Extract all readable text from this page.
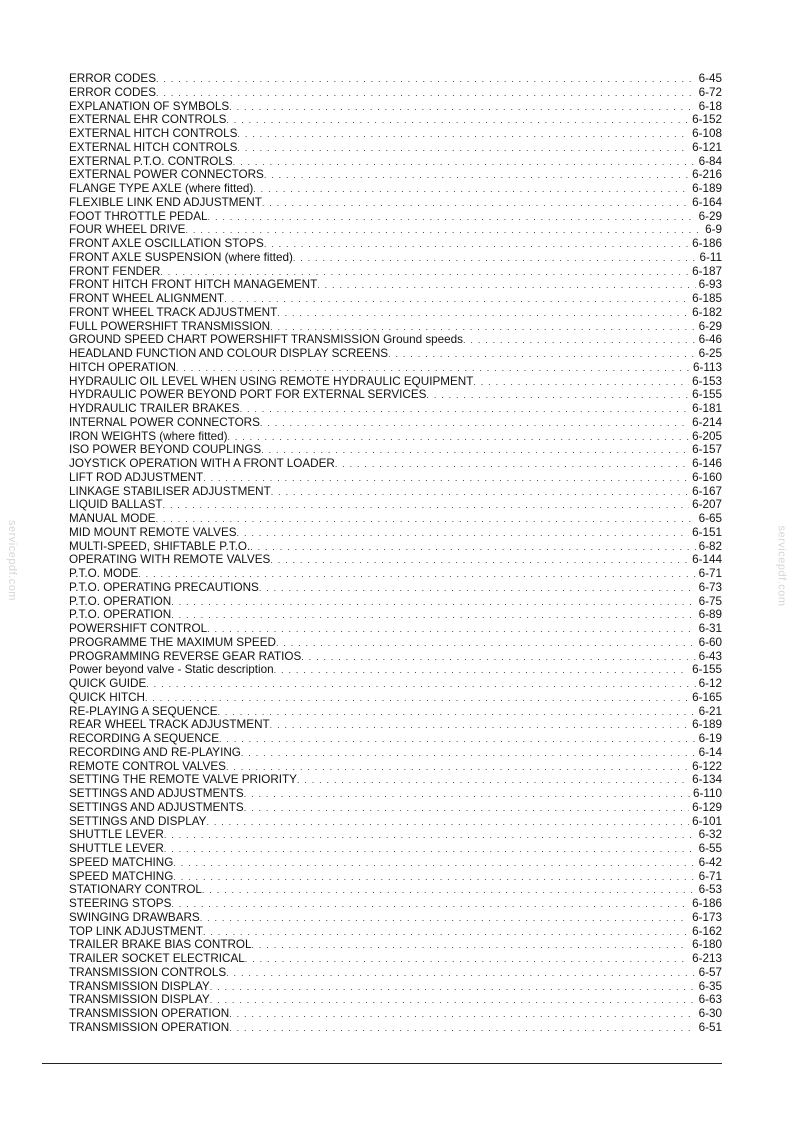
ERROR CODES . . .	6-45
ERROR CODES . . .	6-72
EXPLANATION OF SYMBOLS . . .	6-18
EXTERNAL EHR CONTROLS . . .	6-152
EXTERNAL HITCH CONTROLS . . .	6-108
EXTERNAL HITCH CONTROLS . . .	6-121
EXTERNAL P.T.O. CONTROLS . . .	6-84
EXTERNAL POWER CONNECTORS . . .	6-216
FLANGE TYPE AXLE (where fitted) . . .	6-189
FLEXIBLE LINK END ADJUSTMENT . . .	6-164
FOOT THROTTLE PEDAL . . .	6-29
FOUR WHEEL DRIVE . . .	6-9
FRONT AXLE OSCILLATION STOPS . . .	6-186
FRONT AXLE SUSPENSION (where fitted) . . .	6-11
FRONT FENDER . . .	6-187
FRONT HITCH FRONT HITCH MANAGEMENT . . .	6-93
FRONT WHEEL ALIGNMENT . . .	6-185
FRONT WHEEL TRACK ADJUSTMENT . . .	6-182
FULL POWERSHIFT TRANSMISSION . . .	6-29
GROUND SPEED CHART POWERSHIFT TRANSMISSION Ground speeds . . .	6-46
HEADLAND FUNCTION AND COLOUR DISPLAY SCREENS . . .	6-25
HITCH OPERATION . . .	6-113
HYDRAULIC OIL LEVEL WHEN USING REMOTE HYDRAULIC EQUIPMENT . . .	6-153
HYDRAULIC POWER BEYOND PORT FOR EXTERNAL SERVICES . . .	6-155
HYDRAULIC TRAILER BRAKES . . .	6-181
INTERNAL POWER CONNECTORS . . .	6-214
IRON WEIGHTS (where fitted) . . .	6-205
ISO POWER BEYOND COUPLINGS . . .	6-157
JOYSTICK OPERATION WITH A FRONT LOADER . . .	6-146
LIFT ROD ADJUSTMENT . . .	6-160
LINKAGE STABILISER ADJUSTMENT . . .	6-167
LIQUID BALLAST . . .	6-207
MANUAL MODE . . .	6-65
MID MOUNT REMOTE VALVES . . .	6-151
MULTI-SPEED, SHIFTABLE P.T.O. . . .	6-82
OPERATING WITH REMOTE VALVES . . .	6-144
P.T.O. MODE . . .	6-71
P.T.O. OPERATING PRECAUTIONS . . .	6-73
P.T.O. OPERATION . . .	6-75
P.T.O. OPERATION . . .	6-89
POWERSHIFT CONTROL . . .	6-31
PROGRAMME THE MAXIMUM SPEED . . .	6-60
PROGRAMMING REVERSE GEAR RATIOS . . .	6-43
Power beyond valve - Static description . . .	6-155
QUICK GUIDE . . .	6-12
QUICK HITCH . . .	6-165
RE-PLAYING A SEQUENCE . . .	6-21
REAR WHEEL TRACK ADJUSTMENT . . .	6-189
RECORDING A SEQUENCE . . .	6-19
RECORDING AND RE-PLAYING . . .	6-14
REMOTE CONTROL VALVES . . .	6-122
SETTING THE REMOTE VALVE PRIORITY . . .	6-134
SETTINGS AND ADJUSTMENTS . . .	6-110
SETTINGS AND ADJUSTMENTS . . .	6-129
SETTINGS AND DISPLAY . . .	6-101
SHUTTLE LEVER . . .	6-32
SHUTTLE LEVER . . .	6-55
SPEED MATCHING . . .	6-42
SPEED MATCHING . . .	6-71
STATIONARY CONTROL . . .	6-53
STEERING STOPS . . .	6-186
SWINGING DRAWBARS . . .	6-173
TOP LINK ADJUSTMENT . . .	6-162
TRAILER BRAKE BIAS CONTROL . . .	6-180
TRAILER SOCKET ELECTRICAL . . .	6-213
TRANSMISSION CONTROLS . . .	6-57
TRANSMISSION DISPLAY . . .	6-35
TRANSMISSION DISPLAY . . .	6-63
TRANSMISSION OPERATION . . .	6-30
TRANSMISSION OPERATION . . .	6-51
servicepdf.com	servicepdf.com
